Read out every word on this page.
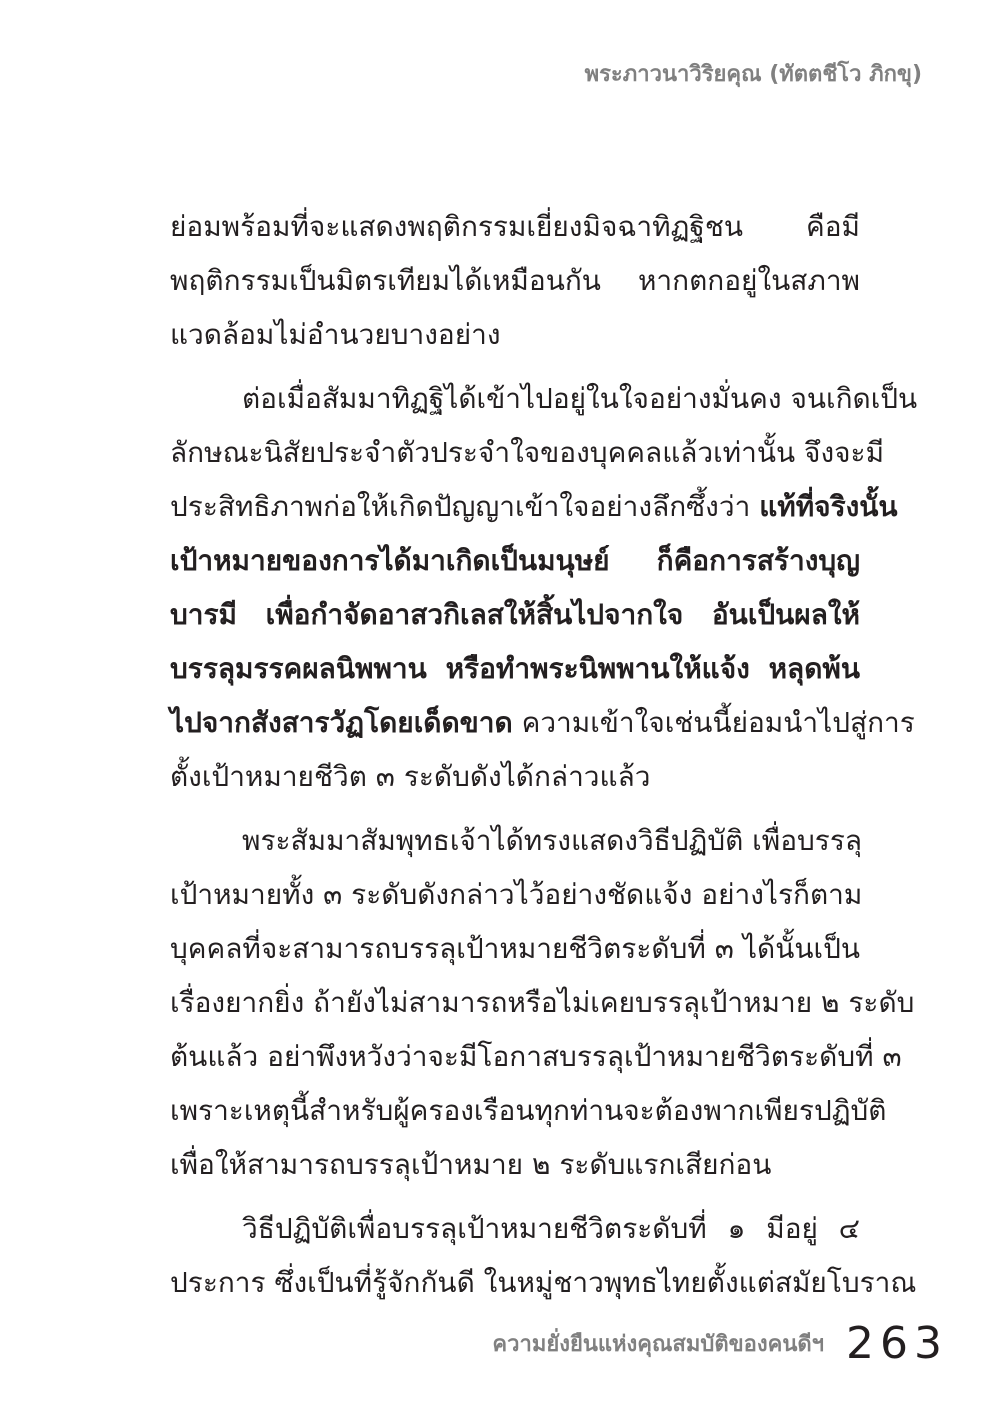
พระภาวนาวิริยคุณ (ทัตตชีโว ภิกขุ)
ย่อมพร้อมที่จะแสดงพฤติกรรมเยี่ยงมิจฉาทิฏฐิชน คือมี
พฤติกรรมเป็นมิตรเทียมได้เหมือนกัน หากตกอยู่ในสภาพ
แวดล้อมไม่อำนวยบางอย่าง
ต่อเมื่อสัมมาทิฏฐิได้เข้าไปอยู่ในใจอย่างมั่นคง จนเกิดเป็น
ลักษณะนิสัยประจำตัวประจำใจของบุคคลแล้วเท่านั้น จึงจะมี
ประสิทธิภาพก่อให้เกิดปัญญาเข้าใจอย่างลึกซึ้งว่า แท้ที่จริงนั้น
เป้าหมายของการได้มาเกิดเป็นมนุษย์ ก็คือการสร้างบุญ
บารมี เพื่อกำจัดอาสวกิเลสให้สิ้นไปจากใจ อันเป็นผลให้
บรรลุมรรคผลนิพพาน หรือทำพระนิพพานให้แจ้ง หลุดพ้น
ไปจากสังสารวัฏโดยเด็ดขาด ความเข้าใจเช่นนี้ย่อมนำไปสู่การ
ตั้งเป้าหมายชีวิต ๓ ระดับดังได้กล่าวแล้ว
พระสัมมาสัมพุทธเจ้าได้ทรงแสดงวิธีปฏิบัติ เพื่อบรรลุ
เป้าหมายทั้ง ๓ ระดับดังกล่าวไว้อย่างชัดแจ้ง อย่างไรก็ตาม
บุคคลที่จะสามารถบรรลุเป้าหมายชีวิตระดับที่ ๓ ได้นั้นเป็น
เรื่องยากยิ่ง ถ้ายังไม่สามารถหรือไม่เคยบรรลุเป้าหมาย ๒ ระดับ
ต้นแล้ว อย่าพึงหวังว่าจะมีโอกาสบรรลุเป้าหมายชีวิตระดับที่ ๓
เพราะเหตุนี้สำหรับผู้ครองเรือนทุกท่านจะต้องพากเพียรปฏิบัติ
เพื่อให้สามารถบรรลุเป้าหมาย ๒ ระดับแรกเสียก่อน
วิธีปฏิบัติเพื่อบรรลุเป้าหมายชีวิตระดับที่ ๑ มีอยู่ ๔
ประการ ซึ่งเป็นที่รู้จักกันดี ในหมู่ชาวพุทธไทยตั้งแต่สมัยโบราณ
ความยั่งยืนแห่งคุณสมบัติของคนดีฯ 263
